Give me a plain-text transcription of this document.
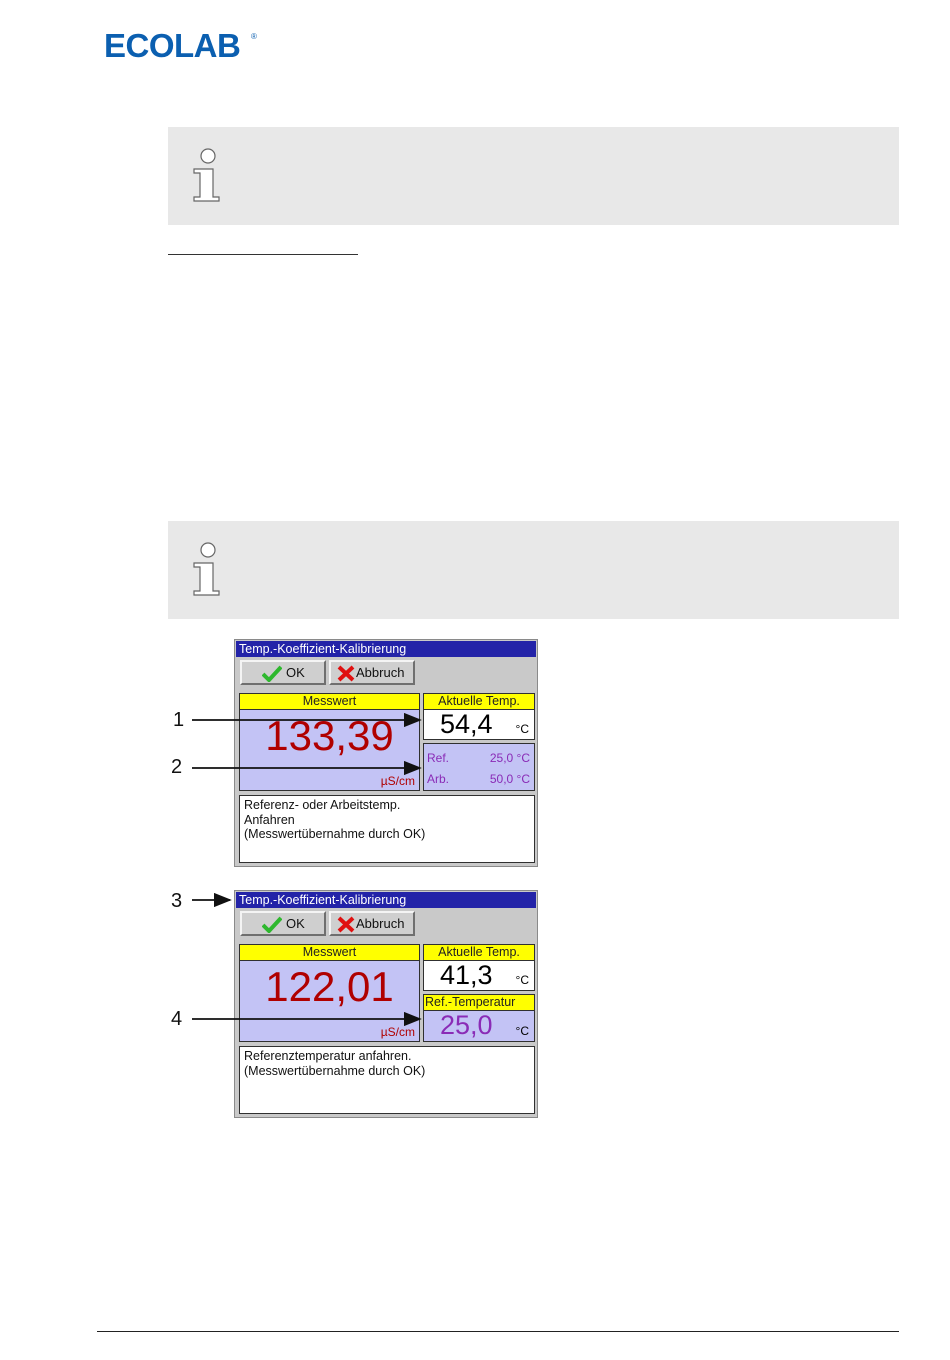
ECOLAB ®
Temp.-Koeffizient-Kalibrierung
OK	Abbruch
Messwert
133,39
µS/cm
Aktuelle Temp.
54,4 °C
Ref.	25,0 °C
Arb.	50,0 °C
Referenz- oder Arbeitstemp.
Anfahren
(Messwertübernahme durch OK)
Temp.-Koeffizient-Kalibrierung
OK	Abbruch
Messwert
122,01
µS/cm
Aktuelle Temp.
41,3 °C
Ref.-Temperatur
25,0 °C
Referenztemperatur anfahren.
(Messwertübernahme durch OK)
1
2
3
4
